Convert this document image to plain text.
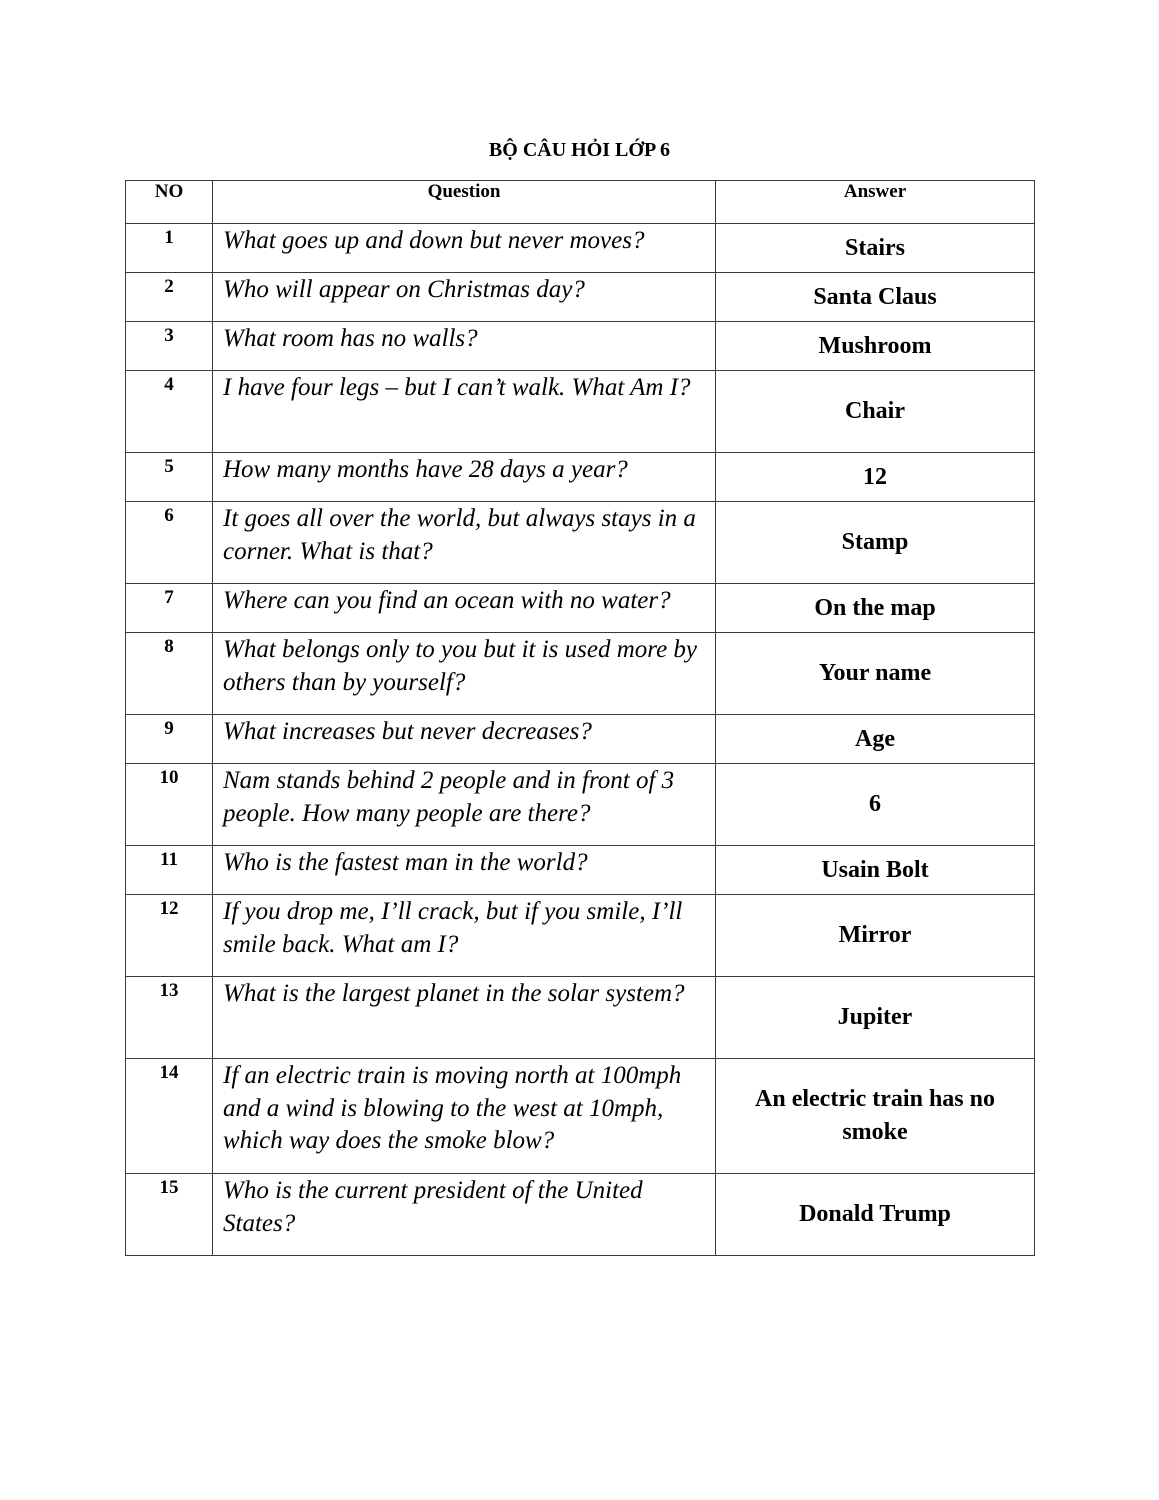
BỘ CÂU HỎI LỚP 6
NO	Question	Answer
1	What goes up and down but never moves?	Stairs
2	Who will appear on Christmas day?	Santa Claus
3	What room has no walls?	Mushroom
4	I have four legs – but I can’t walk. What Am I?	Chair
5	How many months have 28 days a year?	12
6	It goes all over the world, but always stays in a corner. What is that?	Stamp
7	Where can you find an ocean with no water?	On the map
8	What belongs only to you but it is used more by others than by yourself?	Your name
9	What increases but never decreases?	Age
10	Nam stands behind 2 people and in front of 3 people. How many people are there?	6
11	Who is the fastest man in the world?	Usain Bolt
12	If you drop me, I’ll crack, but if you smile, I’ll smile back. What am I?	Mirror
13	What is the largest planet in the solar system?	Jupiter
14	If an electric train is moving north at 100mph and a wind is blowing to the west at 10mph, which way does the smoke blow?	An electric train has no smoke
15	Who is the current president of the United States?	Donald Trump
